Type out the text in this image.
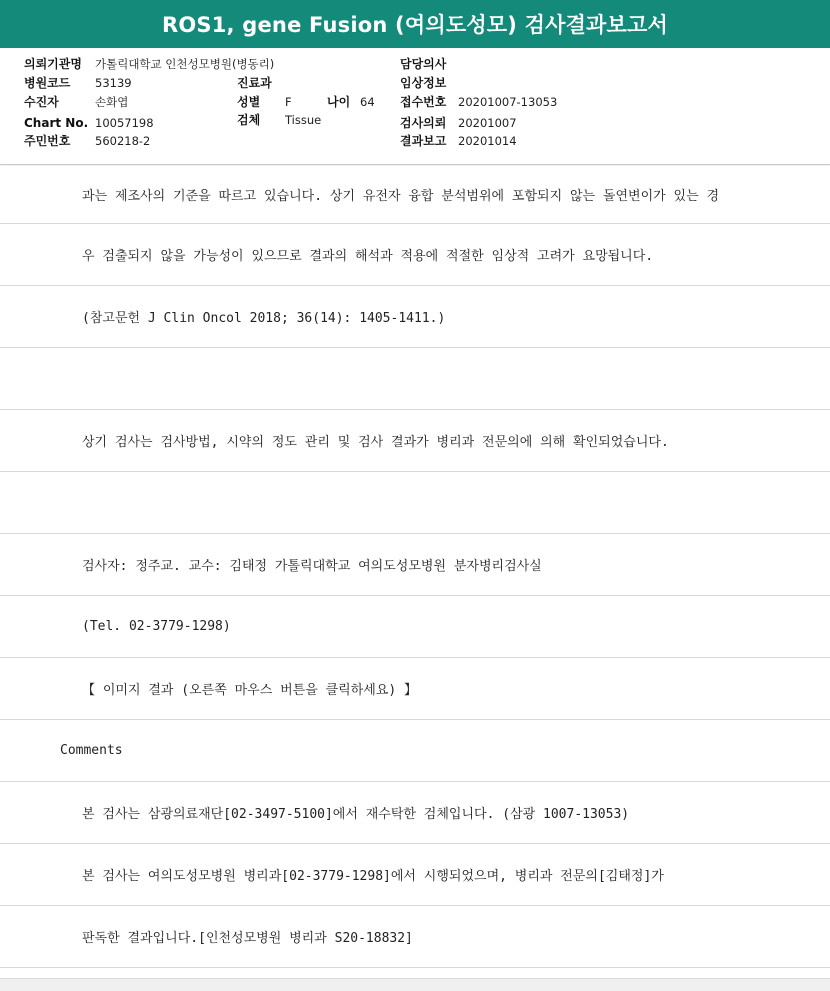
ROS1, gene Fusion (여의도성모) 검사결과보고서
의뢰기관명 가톨릭대학교 인천성모병원(병동리)
병원코드 53139
수진자	손화엽
Chart No. 10057198
주민번호 560218-2
진료과
성별 F	나이 64
검체 Tissue
담당의사
임상정보
접수번호 20201007-13053
검사의뢰 20201007
결과보고 20201014
과는 제조사의 기준을 따르고 있습니다. 상기 유전자 융합 분석범위에 포함되지 않는 돌연변이가 있는 경
우 검출되지 않을 가능성이 있으므로 결과의 해석과 적용에 적절한 임상적 고려가 요망됩니다.
(참고문헌 J Clin Oncol 2018; 36(14): 1405-1411.)
상기 검사는 검사방법, 시약의 정도 관리 및 검사 결과가 병리과 전문의에 의해 확인되었습니다.
검사자: 정주교. 교수: 김태정 가톨릭대학교 여의도성모병원 분자병리검사실
(Tel. 02-3779-1298)
【 이미지 결과 (오른쪽 마우스 버튼을 클릭하세요) 】
Comments
본 검사는 삼광의료재단[02-3497-5100]에서 재수탁한 검체입니다. (삼광 1007-13053)
본 검사는 여의도성모병원 병리과[02-3779-1298]에서 시행되었으며, 병리과 전문의[김태정]가
판독한 결과입니다.[인천성모병원 병리과 S20-18832]
